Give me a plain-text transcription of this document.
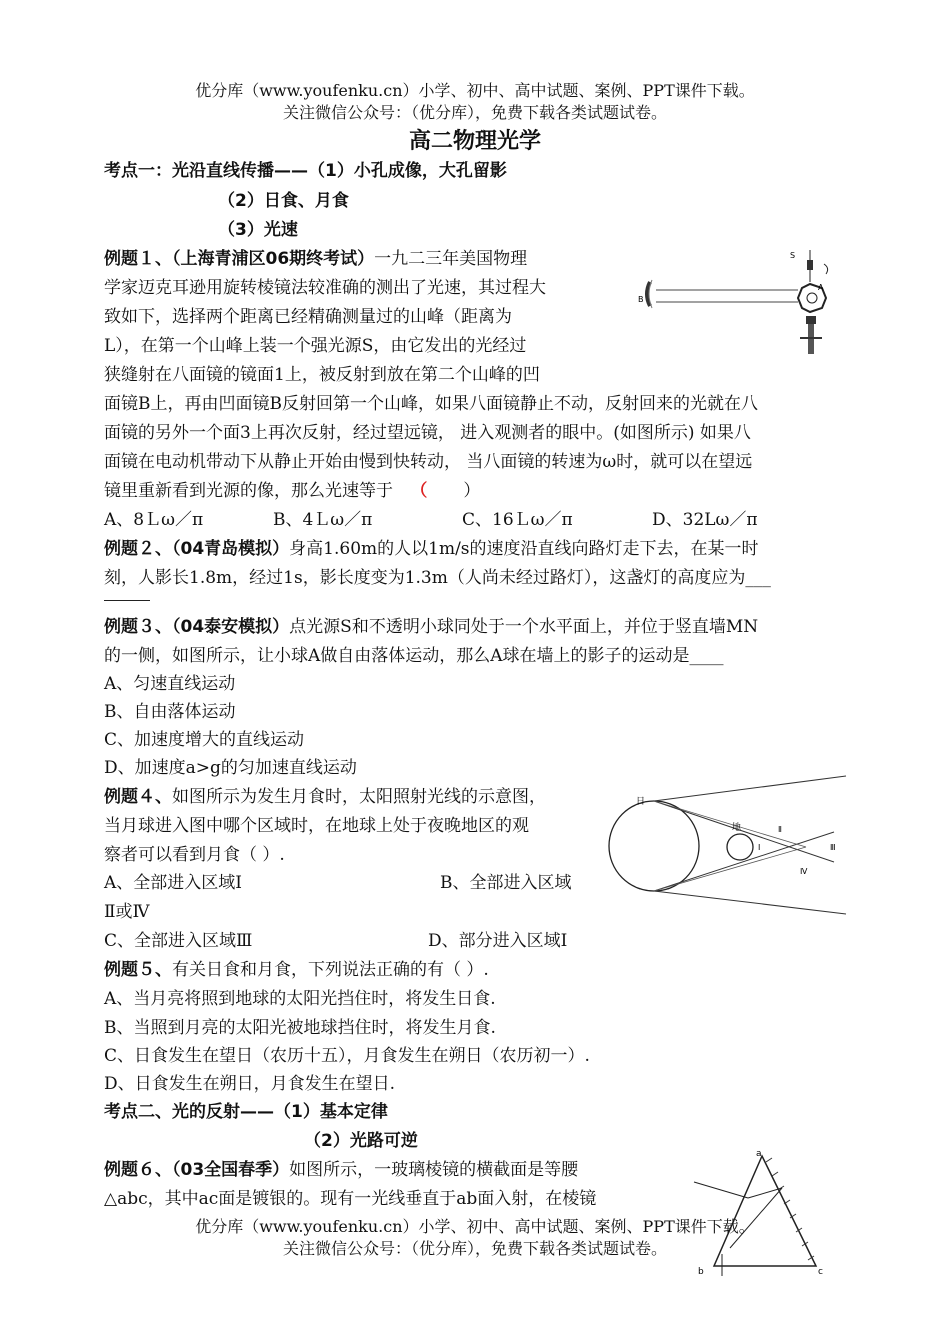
优分库（www.youfenku.cn）小学、初中、高中试题、案例、PPT课件下载。
关注微信公众号：（优分库），免费下载各类试题试卷。
高二物理光学
考点一：光沿直线传播——（1）小孔成像，大孔留影
（2）日食、月食
（3）光速
例题１、（上海青浦区06期终考试）一九二三年美国物理
学家迈克耳逊用旋转棱镜法较准确的测出了光速，其过程大
致如下，选择两个距离已经精确测量过的山峰（距离为
L），在第一个山峰上装一个强光源S，由它发出的光经过
狭缝射在八面镜的镜面1上，被反射到放在第二个山峰的凹
面镜B上，再由凹面镜B反射回第一个山峰，如果八面镜静止不动，反射回来的光就在八
面镜的另外一个面3上再次反射，经过望远镜， 进入观测者的眼中。(如图所示) 如果八
面镜在电动机带动下从静止开始由慢到快转动， 当八面镜的转速为ω时，就可以在望远
镜里重新看到光源的像，那么光速等于 （ ）
A、8Ｌω／π	B、4Ｌω／π	C、16Ｌω／π	D、32Lω／π
S
B
A
例题２、（04青岛模拟）身高1.60m的人以1m/s的速度沿直线向路灯走下去，在某一时
刻，人影长1.8m，经过1s，影长度变为1.3m（人尚未经过路灯），这盏灯的高度应为___
例题３、（04泰安模拟）点光源S和不透明小球同处于一个水平面上，并位于竖直墙MN
的一侧，如图所示，让小球A做自由落体运动，那么A球在墙上的影子的运动是____
A、匀速直线运动
B、自由落体运动
C、加速度增大的直线运动
D、加速度a>g的匀加速直线运动
例题４、如图所示为发生月食时，太阳照射光线的示意图，
当月球进入图中哪个区域时，在地球上处于夜晚地区的观
察者可以看到月食（ ）.
A、全部进入区域Ⅰ	B、全部进入区域
Ⅱ或Ⅳ
C、全部进入区域Ⅲ	D、部分进入区域Ⅰ
日
地
I
Ⅱ
Ⅲ
Ⅳ
例题５、有关日食和月食，下列说法正确的有（ ）.
A、当月亮将照到地球的太阳光挡住时，将发生日食.
B、当照到月亮的太阳光被地球挡住时，将发生月食.
C、日食发生在望日（农历十五），月食发生在朔日（农历初一）.
D、日食发生在朔日，月食发生在望日.
考点二、光的反射——（1）基本定律
（2）光路可逆
例题６、（03全国春季）如图所示，一玻璃棱镜的横截面是等腰
△abc，其中ac面是镀银的。现有一光线垂直于ab面入射，在棱镜
a
b	c
优分库（www.youfenku.cn）小学、初中、高中试题、案例、PPT课件下载。
关注微信公众号：（优分库），免费下载各类试题试卷。
